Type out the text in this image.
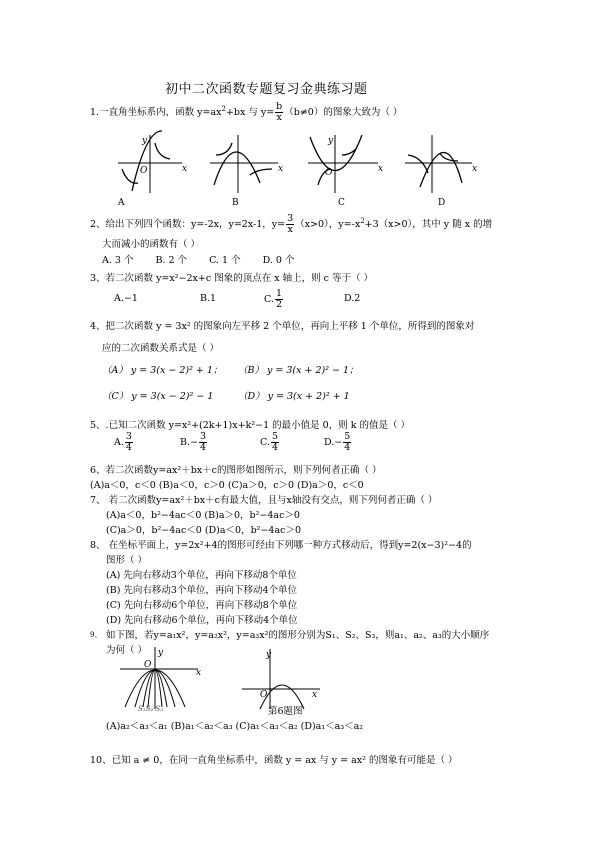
初中二次函数专题复习金典练习题
1.一直角坐标系内，函数 $y=ax^2+bx$ 与 $y= \frac{b}{x} (b\ne 0)$的图象大致为（ ）
y
x
O
A
x
B
y
x
O
C
x
D
2、给出下列四个函数：y=-2x，y=2x-1，$y= \frac{3}{x} (x>0)$，$y=-x^2+3(x>0)$，其中 y 随 x 的增
大而减小的函数有（ ）
A. 3 个 B. 2 个 C. 1 个 D. 0 个
3、若二次函数 y=x²−2x+c 图象的顶点在 x 轴上，则 c 等于（ ）
A.−1	B.1	C. $\frac{1}{2}$	D.2
4、把二次函数 y = 3x² 的图象向左平移 2 个单位，再向上平移 1 个单位，所得到的图象对
应的二次函数关系式是（ ）
（A） y = 3(x − 2)² + 1； （B） y = 3(x + 2)² − 1；
（C） y = 3(x − 2)² − 1	（D） y = 3(x + 2)² + 1
5、.已知二次函数 y=x²+(2k+1)x+k²−1 的最小值是 0，则 k 的值是（ ）
A. $\frac{3}{4}$	$B.- \frac{3}{4}$	C. $\frac{5}{4}$	$D.- \frac{5}{4}$
6、若二次函数y=ax²＋bx＋c的图形如图所示，则下列何者正确（ ）
(A)a＜0，c＜0 (B)a＜0，c＞0 (C)a＞0，c＞0 (D)a＞0，c＜0
7、 若二次函数y=ax²＋bx＋c有最大值，且与x轴没有交点，则下列何者正确（ ）
(A)a＜0，b²−4ac＜0 (B)a＞0，b²−4ac＞0
(C)a＞0，b²−4ac＜0 (D)a＜0，b²−4ac＞0
8、 在坐标平面上，y=2x²+4的图形可经由下列哪一种方式移动后，得到y=2(x−3)²−4的
图形（ ）
(A) 先向右移动3个单位，再向下移动8个单位
(B) 先向右移动3个单位，再向下移动4个单位
(C) 先向右移动6个单位，再向下移动8个单位
(D) 先向右移动6个单位，再向下移动4个单位
9、 如下图，若y=a₁x²，y=a₂x²，y=a₃x²的图形分别为S₁、S₂、S₃，则a₁、a₂、a₃的大小顺序
为何（ ） y
x
O
S₁S₂ S₃
y
O	x
第6题图
(A)a₂＜a₃＜a₁ (B)a₁＜a₂＜a₃ (C)a₁＜a₃＜a₂ (D)a₁＜a₃＜a₂
10、已知 a ≠ 0，在同一直角坐标系中，函数 y = ax 与 y = ax² 的图象有可能是（ ）
